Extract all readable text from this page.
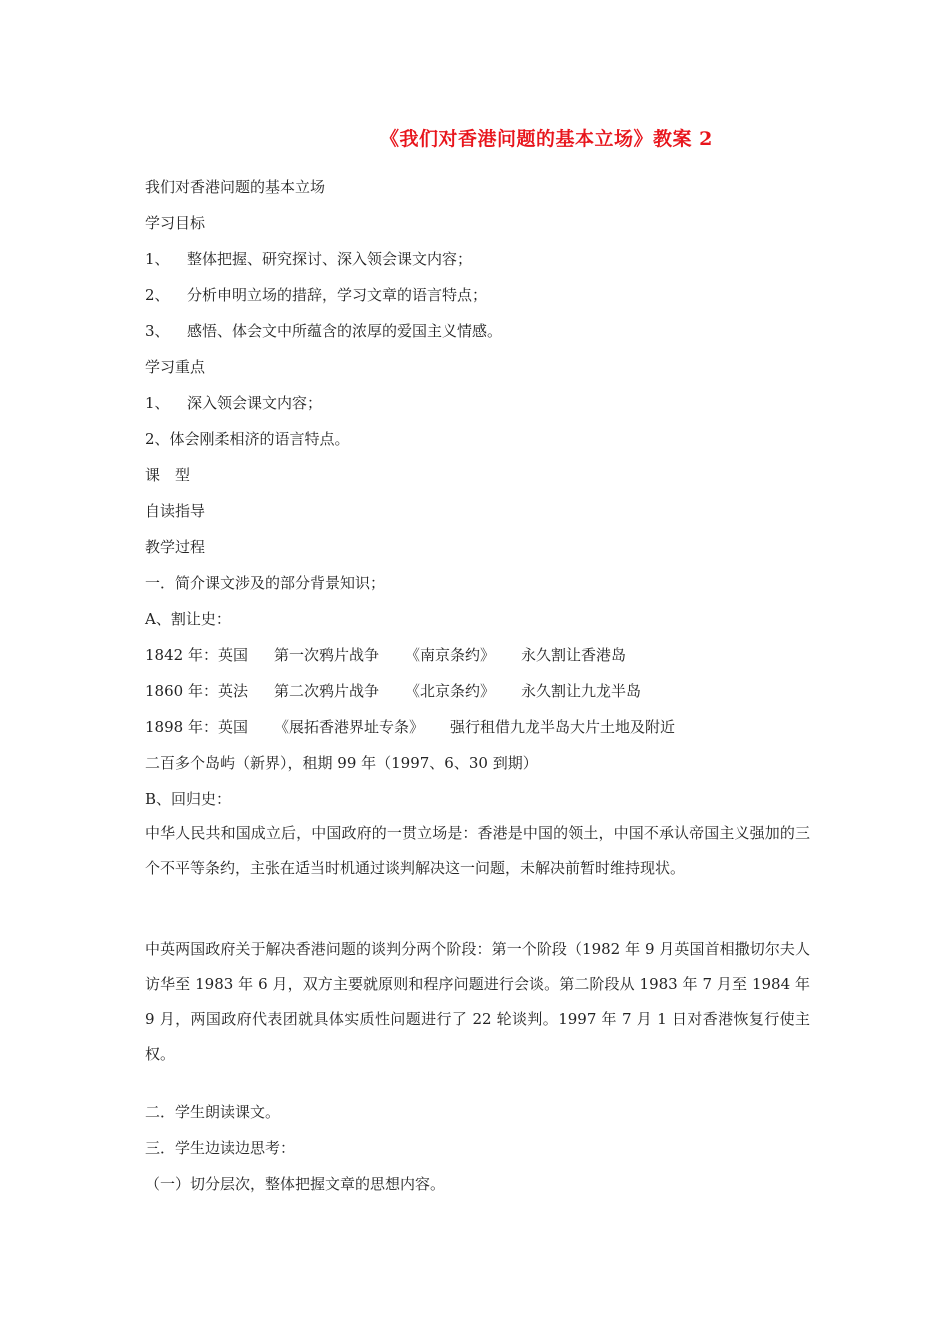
《我们对香港问题的基本立场》教案 2
我们对香港问题的基本立场
学习目标
1、 整体把握、研究探讨、深入领会课文内容；
2、 分析申明立场的措辞，学习文章的语言特点；
3、 感悟、体会文中所蕴含的浓厚的爱国主义情感。
学习重点
1、 深入领会课文内容；
2、体会刚柔相济的语言特点。
课　型
自读指导
教学过程
一．简介课文涉及的部分背景知识；
A、割让史：
1842 年：英国 第一次鸦片战争 《南京条约》 永久割让香港岛
1860 年：英法 第二次鸦片战争 《北京条约》 永久割让九龙半岛
1898 年：英国 《展拓香港界址专条》 强行租借九龙半岛大片土地及附近
二百多个岛屿（新界），租期 99 年（1997、6、30 到期）
B、回归史：
中华人民共和国成立后，中国政府的一贯立场是：香港是中国的领土，中国不承认帝国主义强加的三个不平等条约，主张在适当时机通过谈判解决这一问题，未解决前暂时维持现状。
中英两国政府关于解决香港问题的谈判分两个阶段：第一个阶段（1982 年 9 月英国首相撒切尔夫人访华至 1983 年 6 月，双方主要就原则和程序问题进行会谈。第二阶段从 1983 年 7 月至 1984 年 9 月，两国政府代表团就具体实质性问题进行了 22 轮谈判。1997 年 7 月 1 日对香港恢复行使主权。
二．学生朗读课文。
三．学生边读边思考：
（一）切分层次，整体把握文章的思想内容。
